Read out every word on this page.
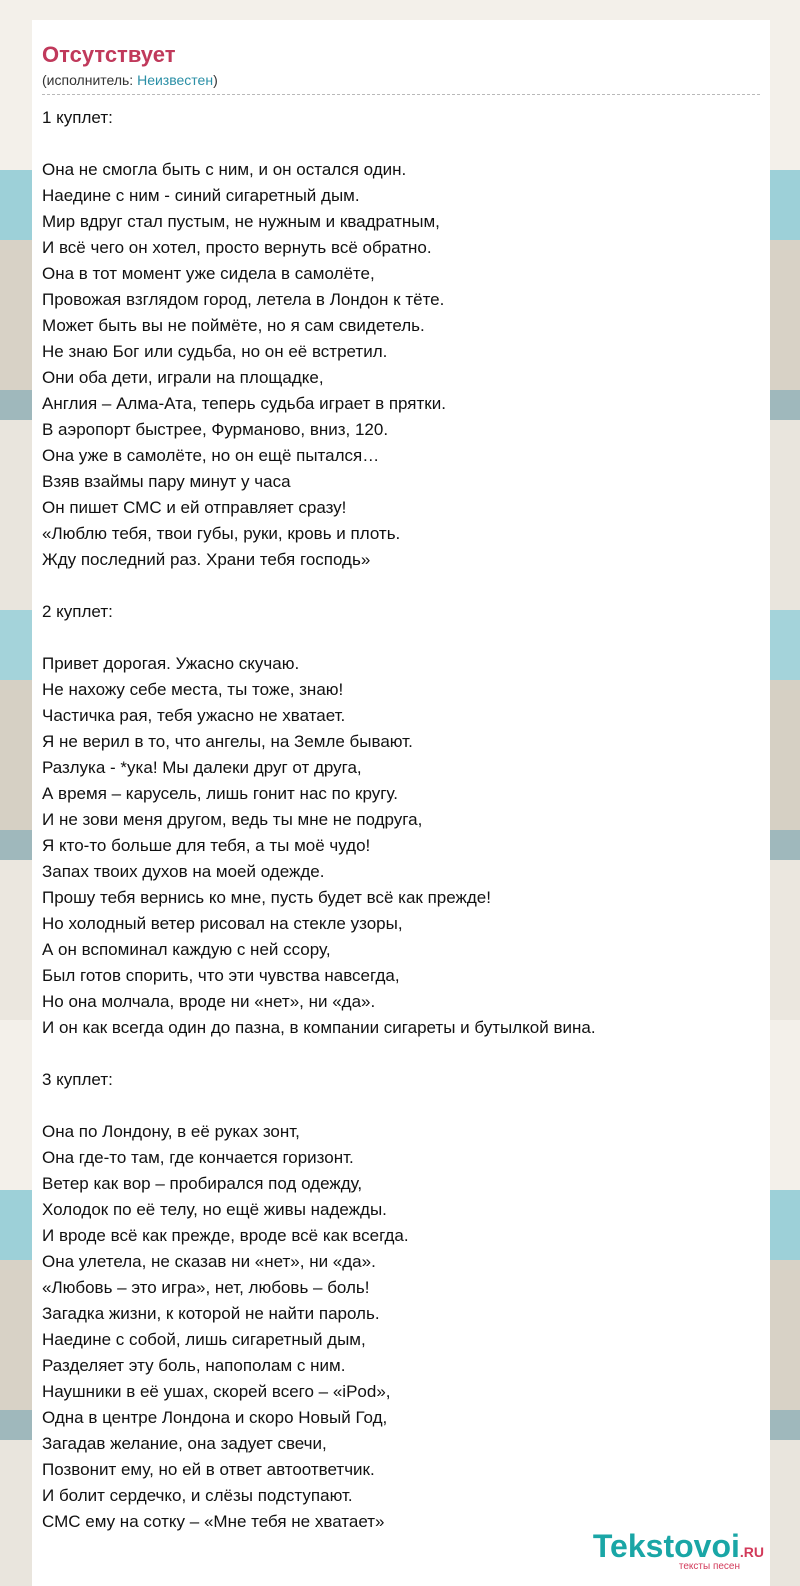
Отсутствует

(исполнитель: Неизвестен)

1 куплет:
Она не смогла быть с ним, и он остался один.
Наедине с ним - синий сигаретный дым.
Мир вдруг стал пустым, не нужным и квадратным,
И всё чего он хотел, просто вернуть всё обратно.
Она в тот момент уже сидела в самолёте,
Провожая взглядом город, летела в Лондон к тёте.
Может быть вы не поймёте, но я сам свидетель.
Не знаю Бог или судьба, но он её встретил.
Они оба дети, играли на площадке,
Англия – Алма-Ата, теперь судьба играет в прятки.
В аэропорт быстрее, Фурманово, вниз, 120.
Она уже в самолёте, но он ещё пытался…
Взяв взаймы пару минут у часа
Он пишет СМС и ей отправляет сразу!
«Люблю тебя, твои губы, руки, кровь и плоть.
Жду последний раз. Храни тебя господь»
2 куплет:
Привет дорогая. Ужасно скучаю.
Не нахожу себе места, ты тоже, знаю!
Частичка рая, тебя ужасно не хватает.
Я не верил в то, что ангелы, на Земле бывают.
Разлука - *ука! Мы далеки друг от друга,
А время – карусель, лишь гонит нас по кругу.
И не зови меня другом, ведь ты мне не подруга,
Я кто-то больше для тебя, а ты моё чудо!
Запах твоих духов на моей одежде.
Прошу тебя вернись ко мне, пусть будет всё как прежде!
Но холодный ветер рисовал на стекле узоры,
А он вспоминал каждую с ней ссору,
Был готов спорить, что эти чувства навсегда,
Но она молчала, вроде ни «нет», ни «да».
И он как всегда один до пазна, в компании сигареты и бутылкой вина.
3 куплет:
Она по Лондону, в её руках зонт,
Она где-то там, где кончается горизонт.
Ветер как вор – пробирался под одежду,
Холодок по её телу, но ещё живы надежды.
И вроде всё как прежде, вроде всё как всегда.
Она улетела, не сказав ни «нет», ни «да».
«Любовь – это игра», нет, любовь – боль!
Загадка жизни, к которой не найти пароль.
Наедине с собой, лишь сигаретный дым,
Разделяет эту боль, напополам с ним.
Наушники в её ушах, скорей всего – «iPod»,
Одна в центре Лондона и скоро Новый Год,
Загадав желание, она задует свечи,
Позвонит ему, но ей в ответ автоответчик.
И болит сердечко, и слёзы подступают.
СМС ему на сотку – «Мне тебя не хватает»
Tekstovoi.RU
тексты песен
